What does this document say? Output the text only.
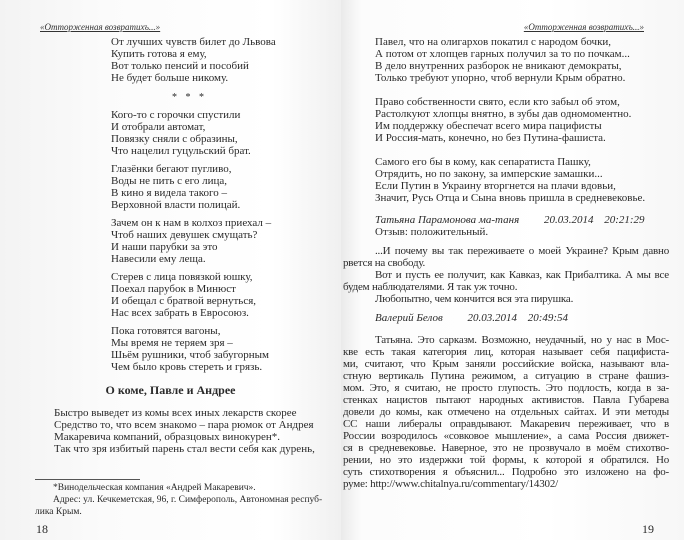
«Отторженная возвратихъ...»
От лучших чувств билет до Львова
Купить готова я ему,
Вот только пенсий и пособий
Не будет больше никому.
* * *
Кого-то с горочки спустили
И отобрали автомат,
Повязку сняли с образины,
Что нацелил гуцульский брат.
Глазёнки бегают пугливо,
Воды не пить с его лица,
В кино я видела такого –
Верховной власти полицай.
Зачем он к нам в колхоз приехал –
Чтоб наших девушек смущать?
И наши парубки за это
Навесили ему леща.
Стерев с лица повязкой юшку,
Поехал парубок в Минюст
И обещал с братвой вернуться,
Нас всех забрать в Евросоюз.
Пока готовятся вагоны,
Мы время не теряем зря –
Шьём рушники, чтоб забугорным
Чем было кровь стереть и грязь.
О коме, Павле и Андрее
Быстро выведет из комы всех иных лекарств скорее
Средство то, что всем знакомо – пара рюмок от Андрея
Макаревича компаний, образцовых винокурен*.
Так что зря избитый парень стал вести себя как дурень,
*Винодельческая компания «Андрей Макаревич».
Адрес: ул. Кечкеметская, 96, г. Симферополь, Автономная респуб-
лика Крым.
18
«Отторженная возвратихъ...»
Павел, что на олигархов покатил с народом бочки,
А потом от хлопцев гарных получил за то по почкам...
В дело внутренних разборок не вникают демократы,
Только требуют упорно, чтоб вернули Крым обратно.
Право собственности свято, если кто забыл об этом,
Растолкуют хлопцы внятно, в зубы дав одномоментно.
Им поддержку обеспечат всего мира пацифисты
И Россия-мать, конечно, но без Путина-фашиста.
Самого его бы в кому, как сепаратиста Пашку,
Отрядить, но по закону, за имперские замашки...
Если Путин в Украину вторгнется на плачи вдовьи,
Значит, Русь Отца и Сына вновь пришла в средневековье.
Татьяна Парамонова ма-таня 20.03.2014 20:21:29
Отзыв: положительный.
...И почему вы так переживаете о моей Украине? Крым давно
рвется на свободу.
Вот и пусть ее получит, как Кавказ, как Прибалтика. А мы все
будем наблюдателями. Я так уж точно.
Любопытно, чем кончится вся эта пирушка.
Валерий Белов 20.03.2014 20:49:54
Татьяна. Это сарказм. Возможно, неудачный, но у нас в Мос-
кве есть такая категория лиц, которая называет себя пацифиста-
ми, считают, что Крым заняли российские войска, называют вла-
стную вертикаль Путина режимом, а ситуацию в стране фашиз-
мом. Это, я считаю, не просто глупость. Это подлость, когда в за-
стенках нацистов пытают народных активистов. Павла Губарева
довели до комы, как отмечено на отдельных сайтах. И эти методы
СС наши либералы оправдывают. Макаревич переживает, что в
России возродилось «совковое мышление», а сама Россия движет-
ся в средневековье. Наверное, это не прозвучало в моём стихотво-
рении, но это издержки той формы, к которой я обратился. Но
суть стихотворения я объяснил... Подробно это изложено на фо-
руме: http://www.chitalnya.ru/commentary/14302/
19
